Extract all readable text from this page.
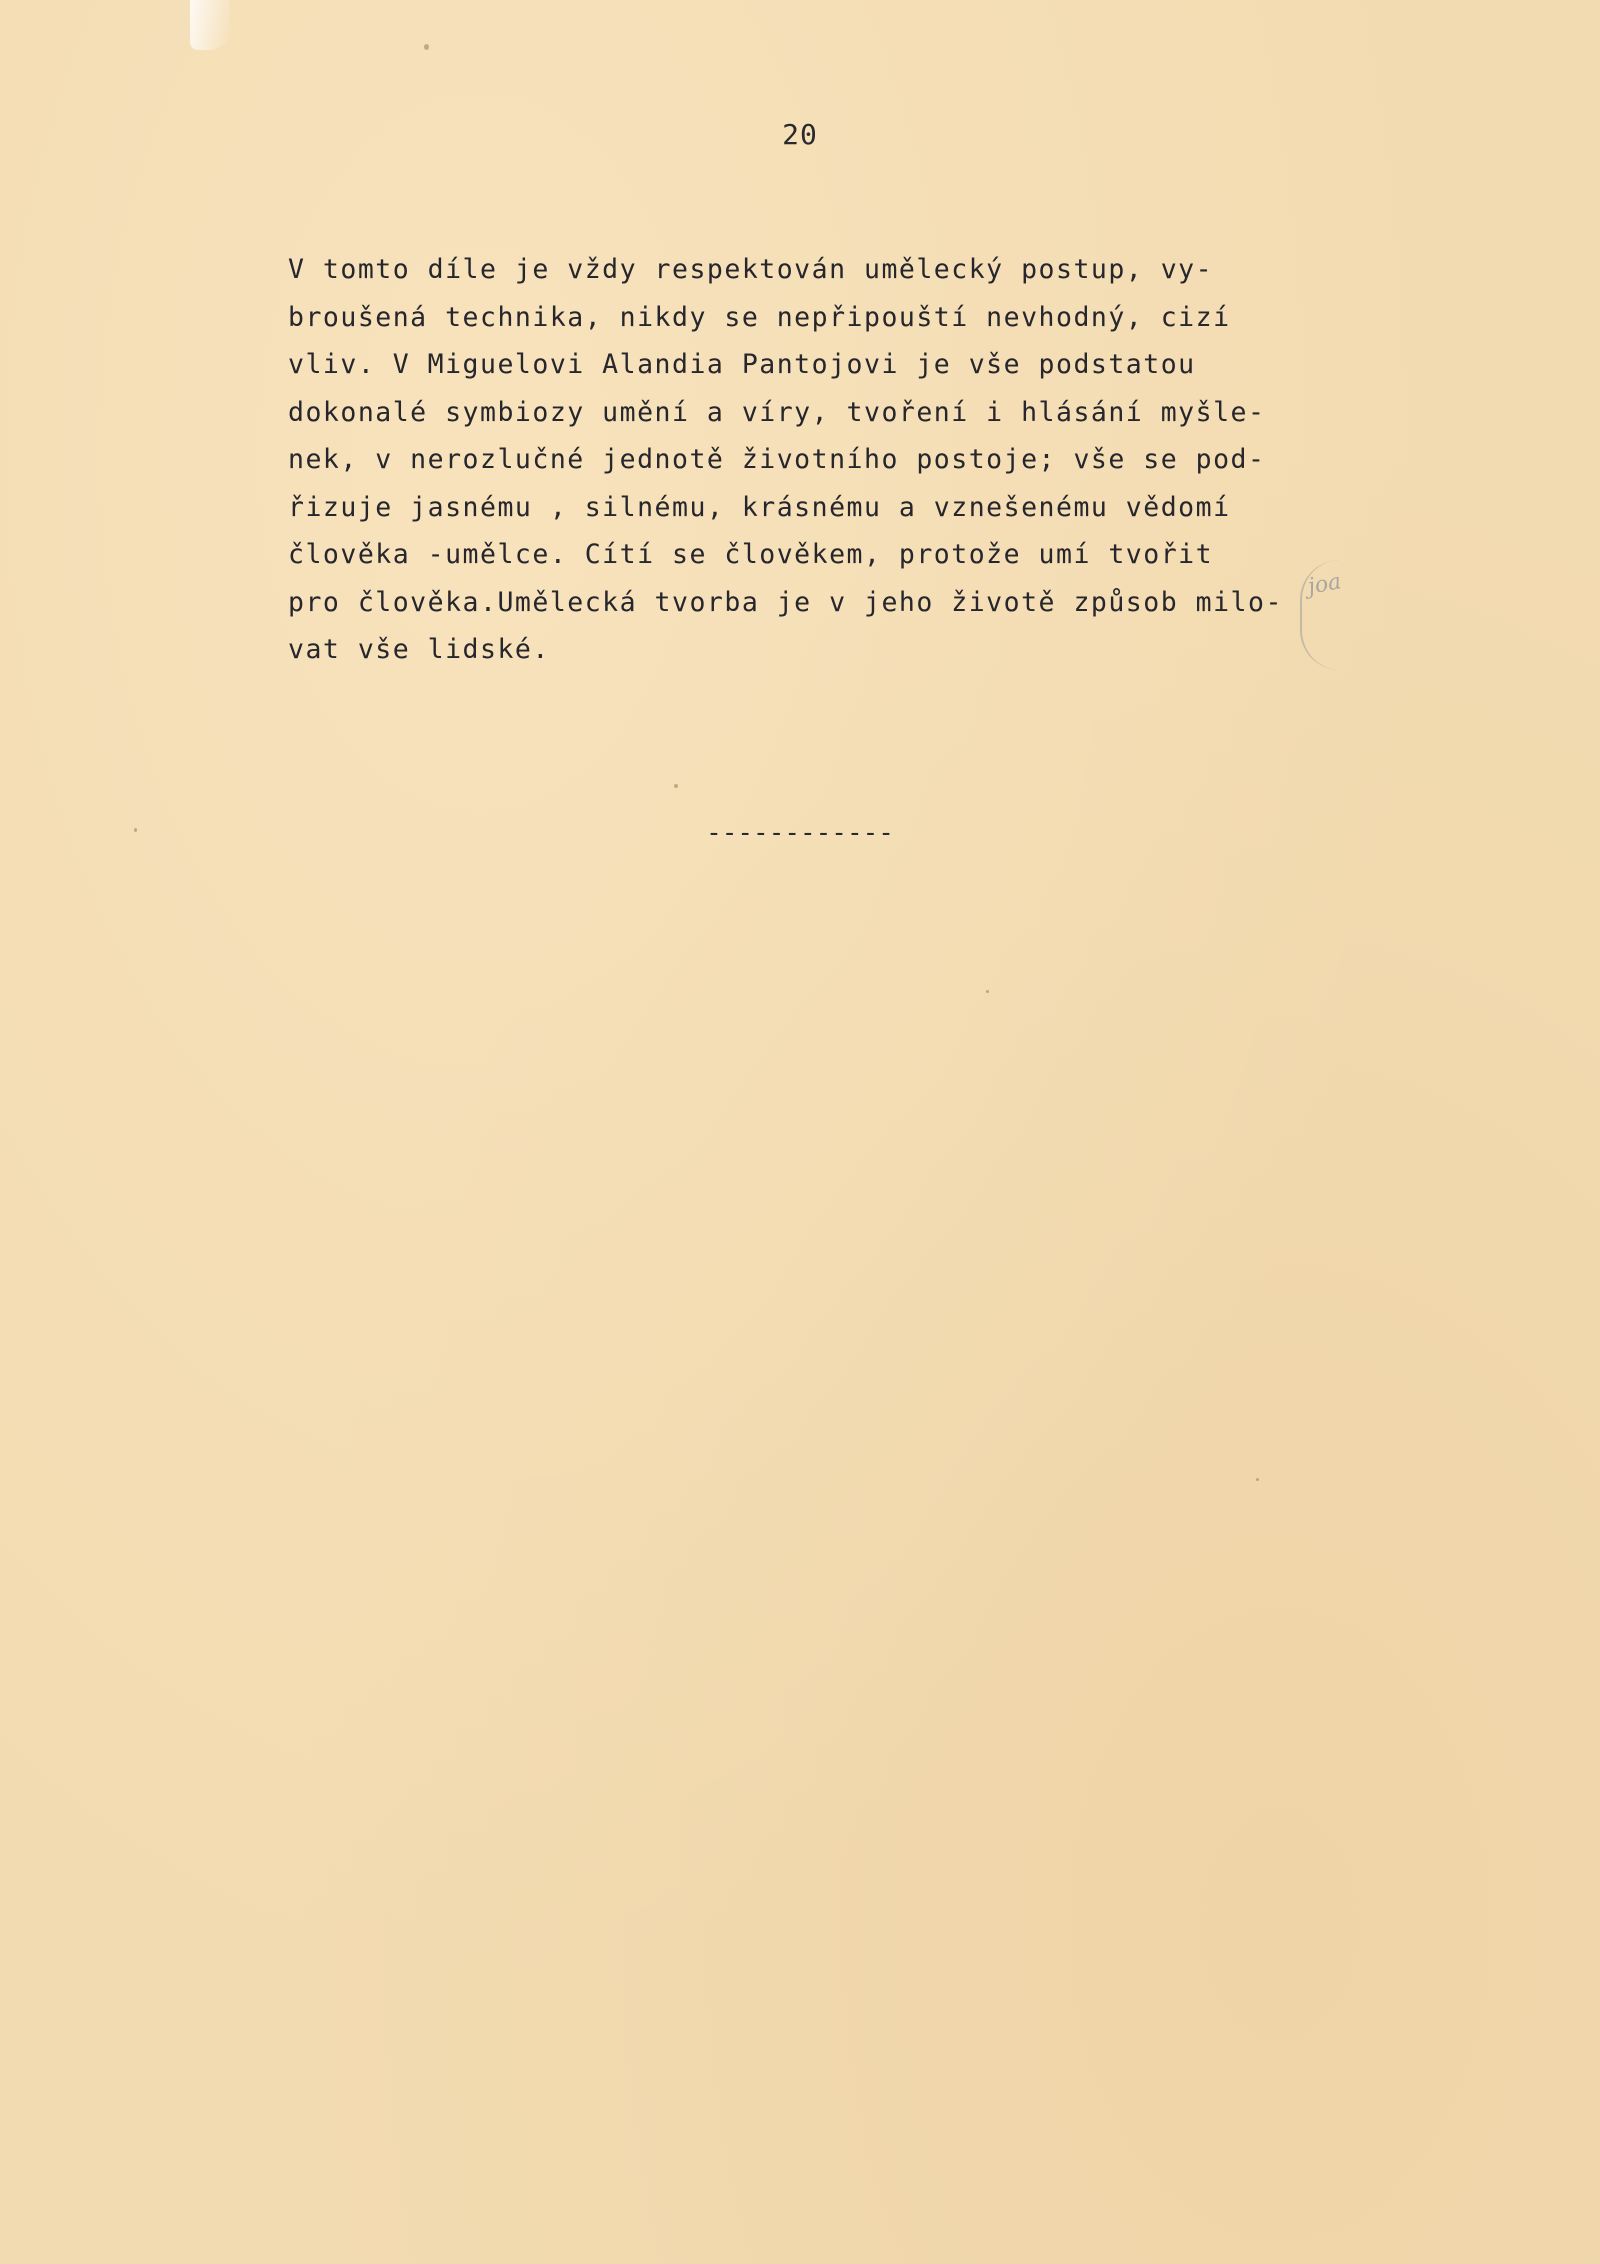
20
V tomto díle je vždy respektován umělecký postup, vy-
broušená technika, nikdy se nepřipouští nevhodný, cizí
vliv. V Miguelovi Alandia Pantojovi je vše podstatou
dokonalé symbiozy umění a víry, tvoření i hlásání myšle-
nek, v nerozlučné jednotě životního postoje; vše se pod-
řizuje jasnému , silnému, krásnému a vznešenému vědomí
člověka -umělce. Cítí se člověkem, protože umí tvořit
pro člověka.Umělecká tvorba je v jeho životě způsob milo-
vat vše lidské.
joa
------------
